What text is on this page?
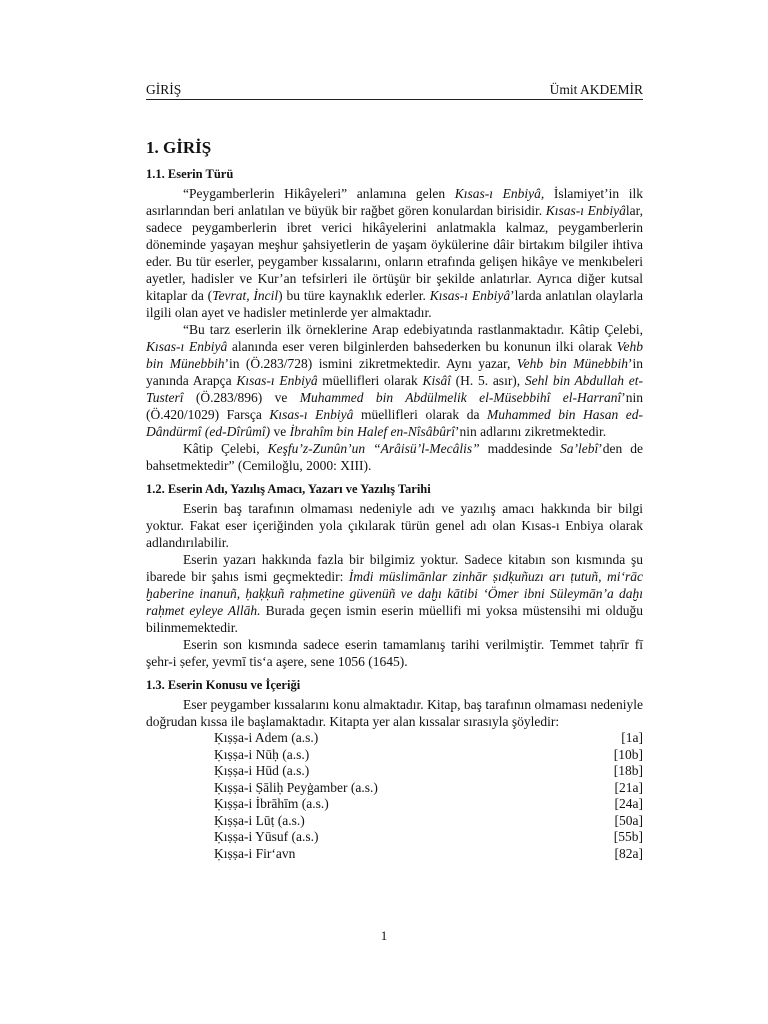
GİRİŞ	Ümit AKDEMİR
1. GİRİŞ
1.1. Eserin Türü

“Peygamberlerin Hikâyeleri” anlamına gelen Kısas-ı Enbiyâ, İslamiyet’in ilk asırlarından beri anlatılan ve büyük bir rağbet gören konulardan birisidir. Kısas-ı Enbiyâlar, sadece peygamberlerin ibret verici hikâyelerini anlatmakla kalmaz, peygamberlerin döneminde yaşayan meşhur şahsiyetlerin de yaşam öykülerine dâir birtakım bilgiler ihtiva eder. Bu tür eserler, peygamber kıssalarını, onların etrafında gelişen hikâye ve menkıbeleri ayetler, hadisler ve Kur’an tefsirleri ile örtüşür bir şekilde anlatırlar. Ayrıca diğer kutsal kitaplar da (Tevrat, İncil) bu türe kaynaklık ederler. Kısas-ı Enbiyâ’larda anlatılan olaylarla ilgili olan ayet ve hadisler metinlerde yer almaktadır.

“Bu tarz eserlerin ilk örneklerine Arap edebiyatında rastlanmaktadır. Kâtip Çelebi, Kısas-ı Enbiyâ alanında eser veren bilginlerden bahsederken bu konunun ilki olarak Vehb bin Münebbih’in (Ö.283/728) ismini zikretmektedir. Aynı yazar, Vehb bin Münebbih’in yanında Arapça Kısas-ı Enbiyâ müellifleri olarak Kisâî (H. 5. asır), Sehl bin Abdullah et-Tusterî (Ö.283/896) ve Muhammed bin Abdülmelik el-Müsebbihî el-Harranî’nin (Ö.420/1029) Farsça Kısas-ı Enbiyâ müellifleri olarak da Muhammed bin Hasan ed-Dândürmî (ed-Dîrûmî) ve İbrahîm bin Halef en-Nîsâbûrî’nin adlarını zikretmektedir.

Kâtip Çelebi, Keşfu’z-Zunûn’un “Arâisü’l-Mecâlis” maddesinde Sa’lebî’den de bahsetmektedir” (Cemiloğlu, 2000: XIII).

1.2. Eserin Adı, Yazılış Amacı, Yazarı ve Yazılış Tarihi

Eserin baş tarafının olmaması nedeniyle adı ve yazılış amacı hakkında bir bilgi yoktur. Fakat eser içeriğinden yola çıkılarak türün genel adı olan Kısas-ı Enbiya olarak adlandırılabilir.

Eserin yazarı hakkında fazla bir bilgimiz yoktur. Sadece kitabın son kısmında şu ibarede bir şahıs ismi geçmektedir: İmdi müslimānlar zinhār ṣıdḳuñuzı arı ṭutuñ, mi‘rāc ḫaberine inanuñ, ḥaḳḳuñ raḥmetine güvenüñ ve daḫı kātibi ‘Ömer ibni Süleymān’a daḫı raḥmet eyleye Allāh. Burada geçen ismin eserin müellifi mi yoksa müstensihi mi olduğu bilinmemektedir.

Eserin son kısmında sadece eserin tamamlanış tarihi verilmiştir. Temmet taḥrīr fī şehr-i ṣefer, yevmī tis‘a aşere, sene 1056 (1645).

1.3. Eserin Konusu ve İçeriği

Eser peygamber kıssalarını konu almaktadır. Kitap, baş tarafının olmaması nedeniyle doğrudan kıssa ile başlamaktadır. Kitapta yer alan kıssalar sırasıyla şöyledir:

Ḳıṣṣa-i Adem (a.s.)	[1a]
Ḳıṣṣa-i Nūḥ (a.s.)	[10b]
Ḳıṣṣa-i Hūd (a.s.)	[18b]
Ḳıṣṣa-i Ṣāliḥ Peyġamber (a.s.)	[21a]
Ḳıṣṣa-i İbrāhīm (a.s.)	[24a]
Ḳıṣṣa-i Lūṭ (a.s.)	[50a]
Ḳıṣṣa-i Yūsuf (a.s.)	[55b]
Ḳıṣṣa-i Fir‘avn	[82a]
1
